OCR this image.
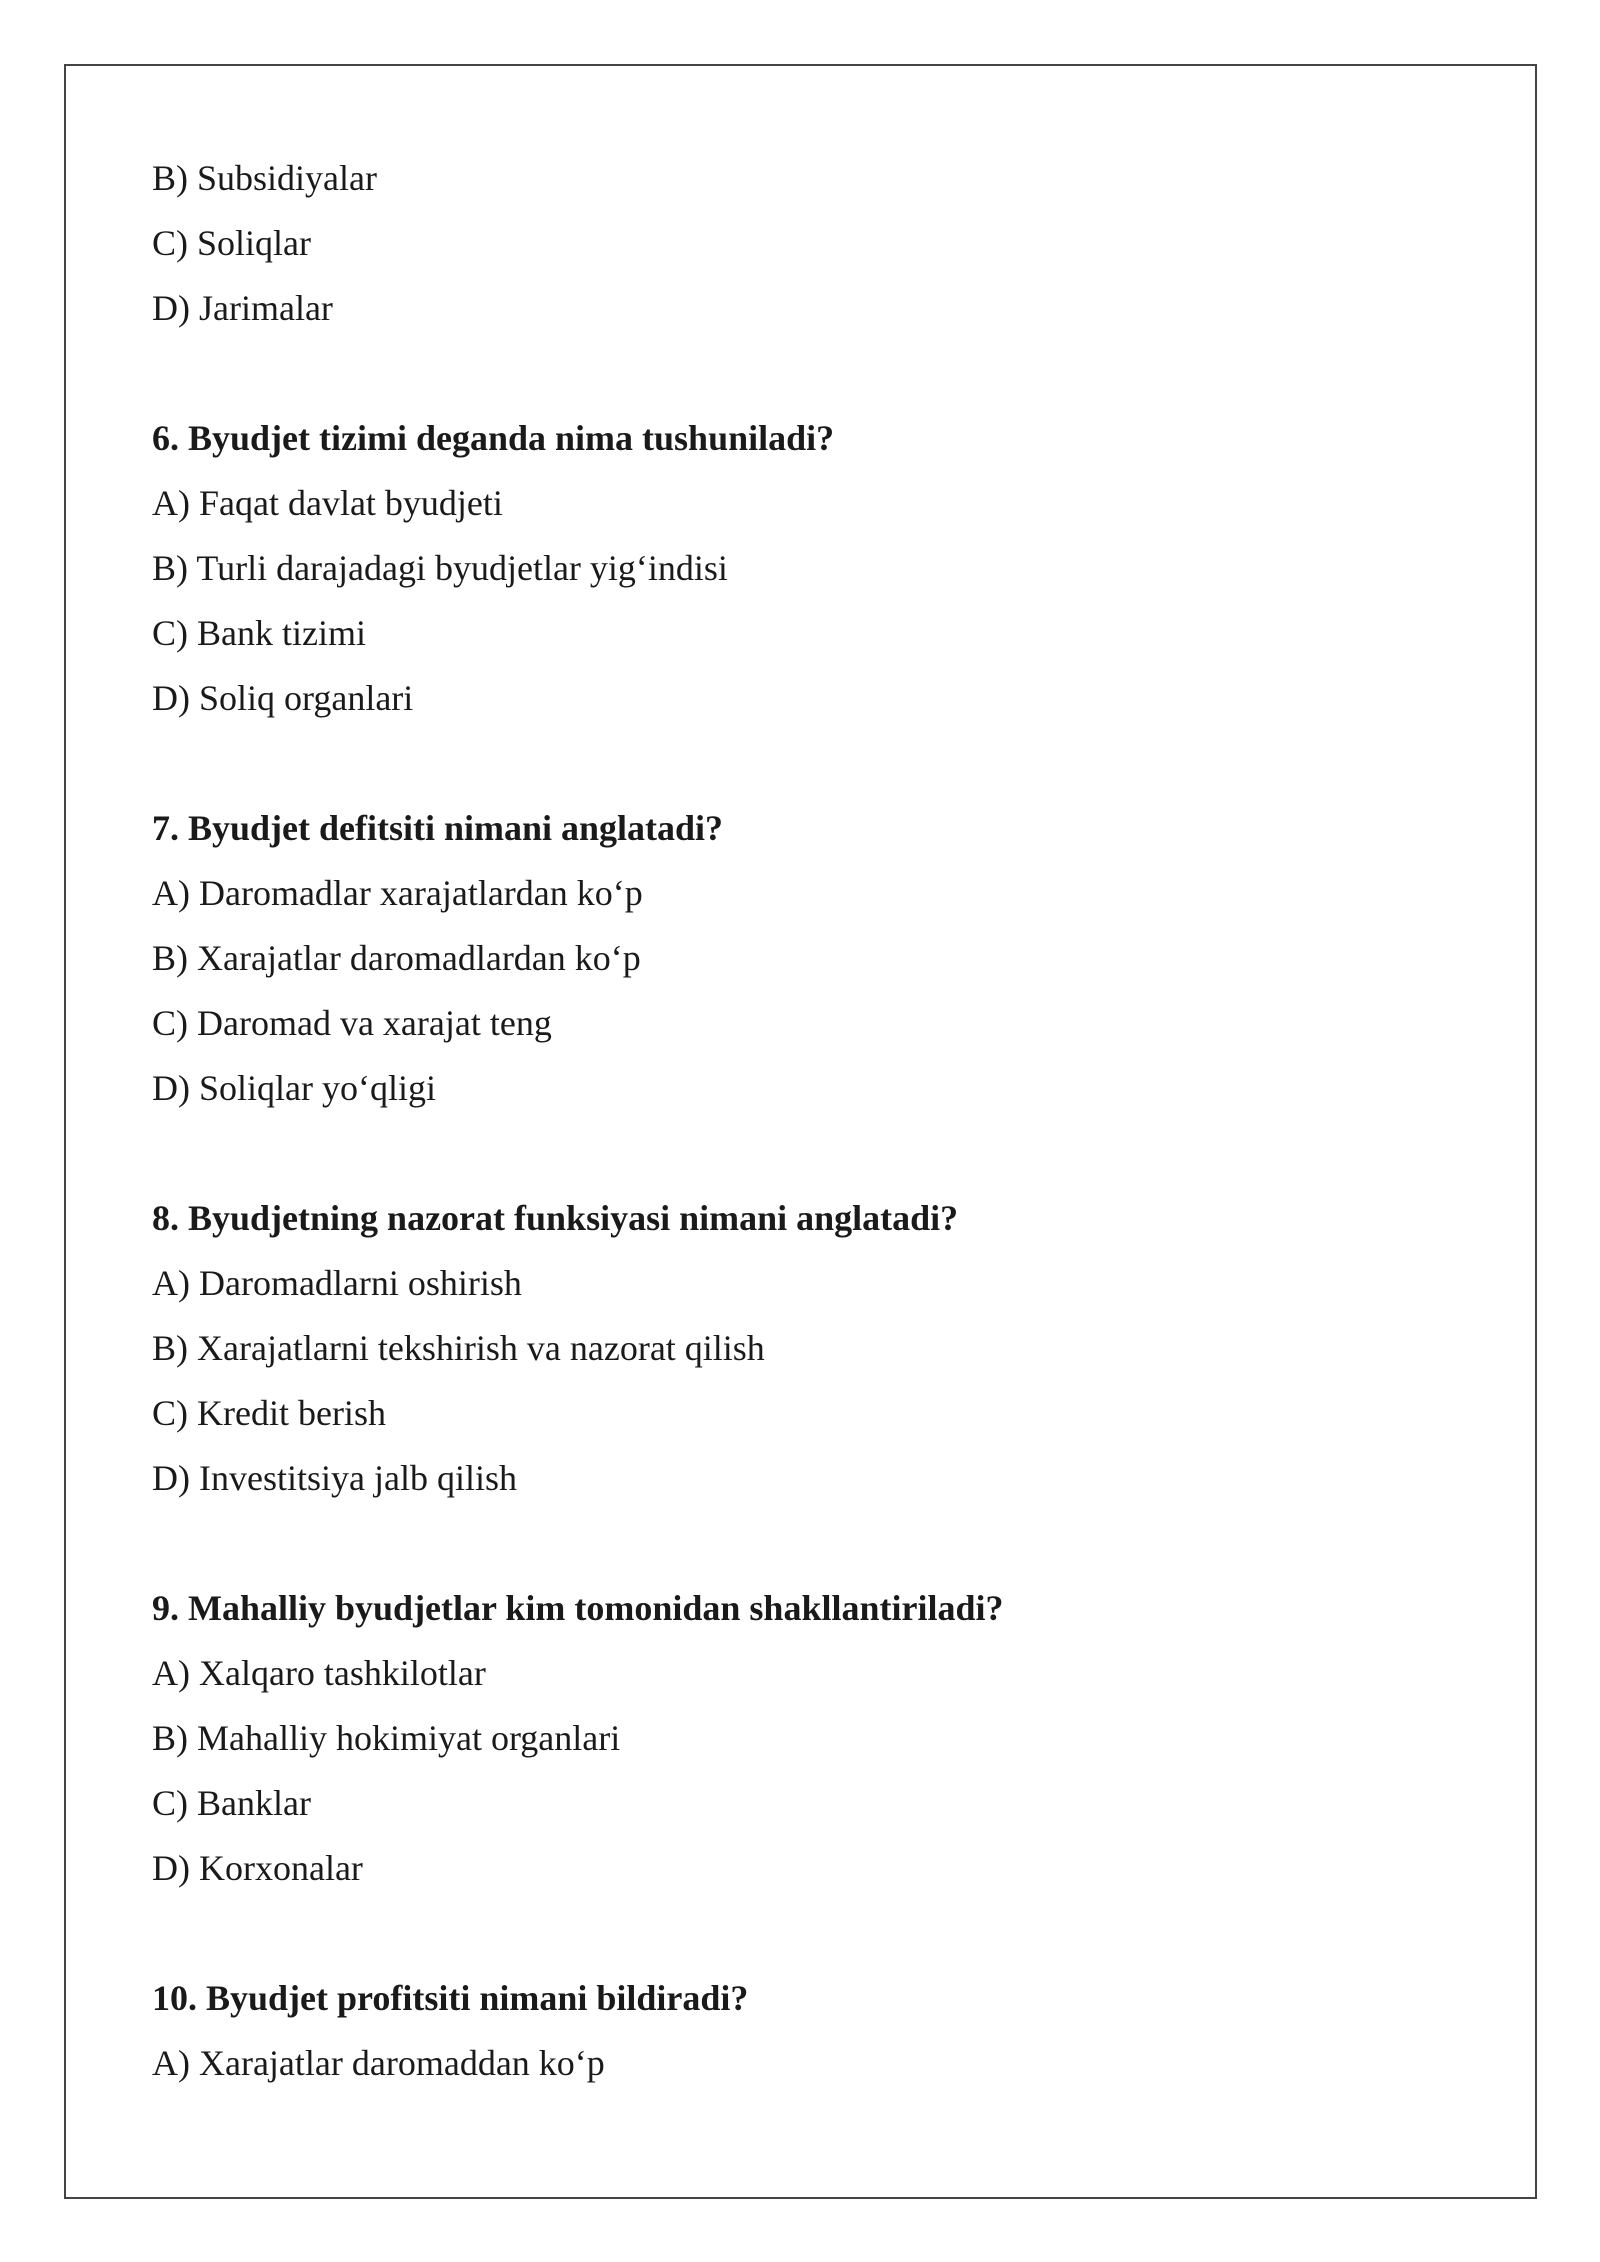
B) Subsidiyalar
C) Soliqlar
D) Jarimalar
6. Byudjet tizimi deganda nima tushuniladi?
A) Faqat davlat byudjeti
B) Turli darajadagi byudjetlar yig‘indisi
C) Bank tizimi
D) Soliq organlari
7. Byudjet defitsiti nimani anglatadi?
A) Daromadlar xarajatlardan ko‘p
B) Xarajatlar daromadlardan ko‘p
C) Daromad va xarajat teng
D) Soliqlar yo‘qligi
8. Byudjetning nazorat funksiyasi nimani anglatadi?
A) Daromadlarni oshirish
B) Xarajatlarni tekshirish va nazorat qilish
C) Kredit berish
D) Investitsiya jalb qilish
9. Mahalliy byudjetlar kim tomonidan shakllantiriladi?
A) Xalqaro tashkilotlar
B) Mahalliy hokimiyat organlari
C) Banklar
D) Korxonalar
10. Byudjet profitsiti nimani bildiradi?
A) Xarajatlar daromaddan ko‘p
